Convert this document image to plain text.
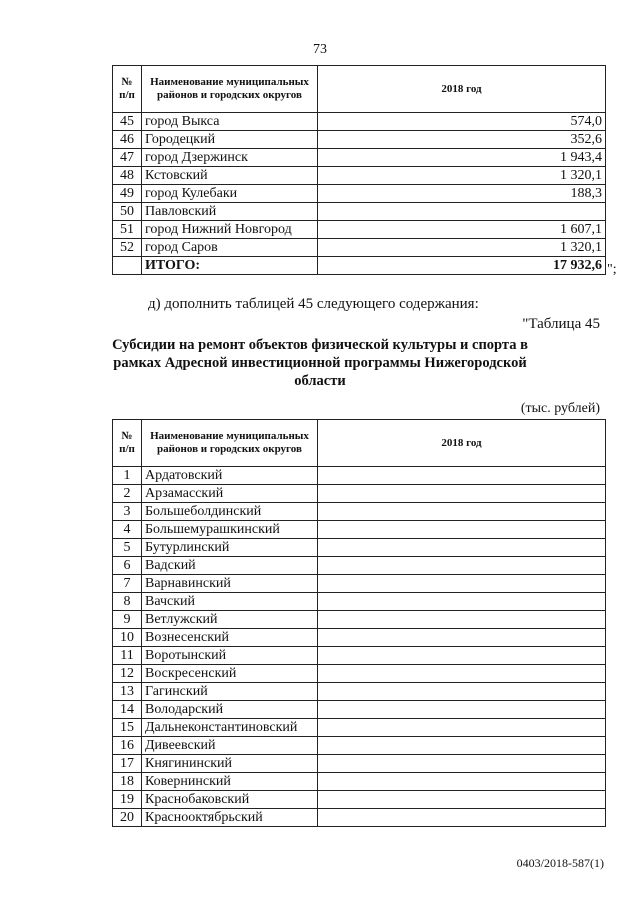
73
№ п/п	Наименование муниципальных районов и городских округов	2018 год
45	город Выкса	574,0
46	Городецкий	352,6
47	город Дзержинск	1 943,4
48	Кстовский	1 320,1
49	город Кулебаки	188,3
50	Павловский	
51	город Нижний Новгород	1 607,1
52	город Саров	1 320,1
	ИТОГО:	17 932,6 ";
д) дополнить таблицей 45 следующего содержания:
"Таблица 45
Субсидии на ремонт объектов физической культуры и спорта в рамках Адресной инвестиционной программы Нижегородской области
(тыс. рублей)
№ п/п	Наименование муниципальных районов и городских округов	2018 год
1	Ардатовский	
2	Арзамасский	
3	Большеболдинский	
4	Большемурашкинский	
5	Бутурлинский	
6	Вадский	
7	Варнавинский	
8	Вачский	
9	Ветлужский	
10	Вознесенский	
11	Воротынский	
12	Воскресенский	
13	Гагинский	
14	Володарский	
15	Дальнеконстантиновский	
16	Дивеевский	
17	Княгининский	
18	Ковернинский	
19	Краснобаковский	
20	Краснооктябрьский	
0403/2018-587(1)
